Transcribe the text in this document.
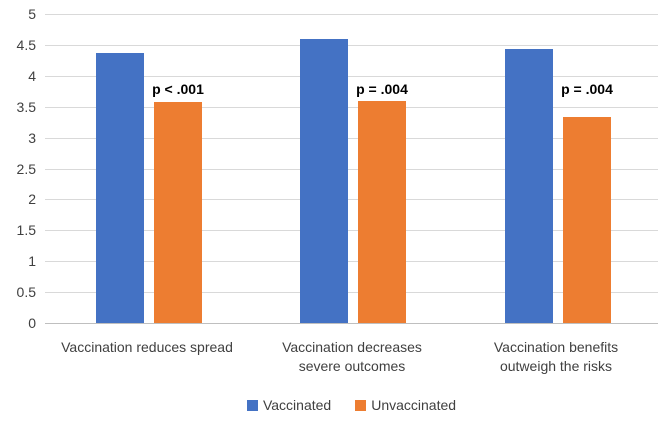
0
0.5
1
1.5
2
2.5
3
3.5
4
4.5
5
p < .001	p = .004	p = .004
Vaccination reduces spread	Vaccination decreases
severe outcomes
Vaccination benefits
outweigh the risks
Vaccinated	Unvaccinated
